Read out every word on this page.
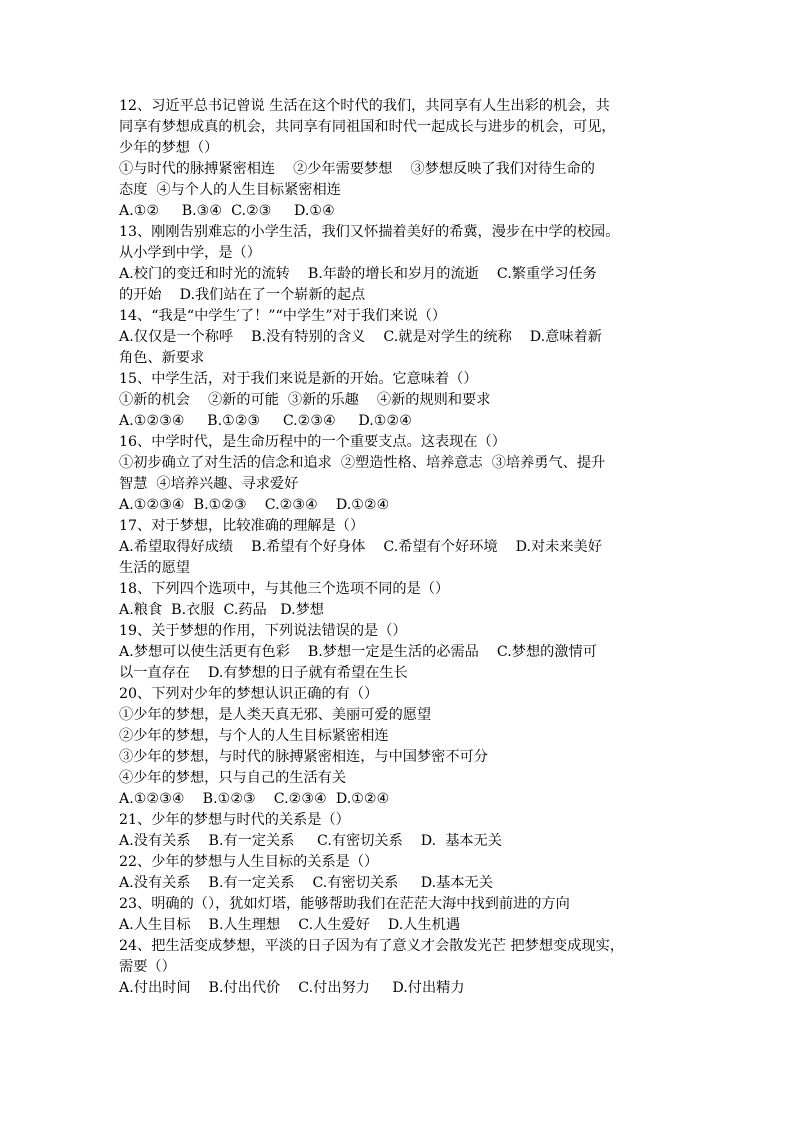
12、习近平总书记曾说 生活在这个时代的我们，共同享有人生出彩的机会，共
同享有梦想成真的机会，共同享有同祖国和时代一起成长与进步的机会，可见，
少年的梦想（）
①与时代的脉搏紧密相连    ②少年需要梦想    ③梦想反映了我们对待生命的
态度  ④与个人的人生目标紧密相连
A.①②     B.③④  C.②③     D.①④
13、刚刚告别难忘的小学生活，我们又怀揣着美好的希冀，漫步在中学的校园。
从小学到中学，是（）
A.校门的变迁和时光的流转    B.年龄的增长和岁月的流逝    C.繁重学习任务
的开始    D.我们站在了一个崭新的起点
14、“我是“中学生′了！”“中学生”对于我们来说（）
A.仅仅是一个称呼    B.没有特别的含义    C.就是对学生的统称    D.意味着新
角色、新要求
15、中学生活，对于我们来说是新的开始。它意味着（）
①新的机会    ②新的可能  ③新的乐趣    ④新的规则和要求
A.①②③④     B.①②③     C.②③④     D.①②④
16、中学时代，是生命历程中的一个重要支点。这表现在（）
①初步确立了对生活的信念和追求  ②塑造性格、培养意志  ③培养勇气、提升
智慧  ④培养兴趣、寻求爱好
A.①②③④  B.①②③    C.②③④    D.①②④
17、对于梦想，比较准确的理解是（）
A.希望取得好成绩    B.希望有个好身体    C.希望有个好环境    D.对未来美好
生活的愿望
18、下列四个选项中，与其他三个选项不同的是（）
A.粮食  B.衣服  C.药品   D.梦想
19、关于梦想的作用，下列说法错误的是（）
A.梦想可以使生活更有色彩    B.梦想一定是生活的必需品    C.梦想的激情可
以一直存在    D.有梦想的日子就有希望在生长
20、下列对少年的梦想认识正确的有（）
①少年的梦想，是人类天真无邪、美丽可爱的愿望
②少年的梦想，与个人的人生目标紧密相连
③少年的梦想，与时代的脉搏紧密相连，与中国梦密不可分
④少年的梦想，只与自己的生活有关
A.①②③④    B.①②③    C.②③④  D.①②④
21、少年的梦想与时代的关系是（）
A.没有关系    B.有一定关系     C.有密切关系    D.  基本无关
22、少年的梦想与人生目标的关系是（）
A.没有关系    B.有一定关系    C.有密切关系     D.基本无关
23、明确的（），犹如灯塔，能够帮助我们在茫茫大海中找到前进的方向
A.人生目标    B.人生理想    C.人生爱好    D.人生机遇
24、把生活变成梦想，平淡的日子因为有了意义才会散发光芒 把梦想变成现实，
需要（）
A.付出时间    B.付出代价    C.付出努力     D.付出精力
